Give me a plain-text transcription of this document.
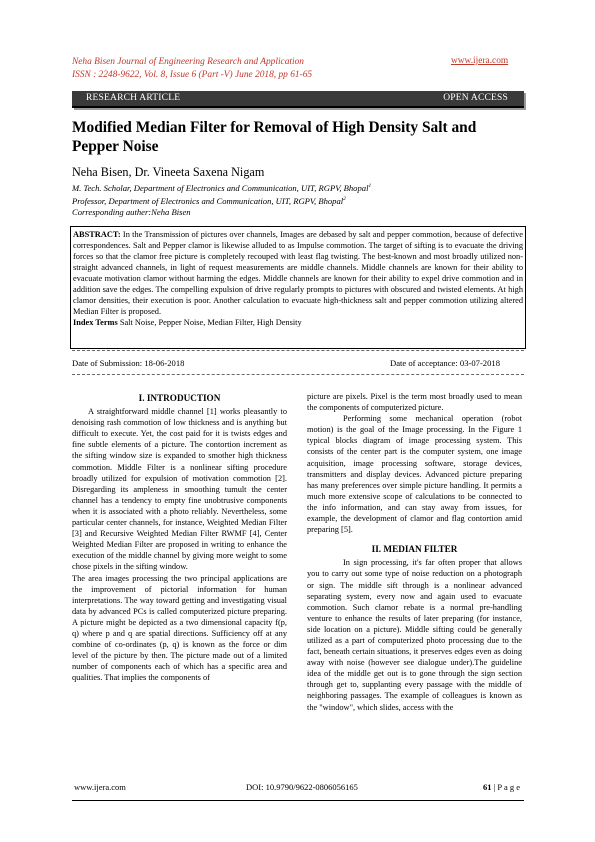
Neha Bisen Journal of Engineering Research and Application
ISSN : 2248-9622, Vol. 8, Issue 6 (Part -V) June 2018, pp 61-65
www.ijera.com
RESEARCH ARTICLE	OPEN ACCESS
Modified Median Filter for Removal of High Density Salt and Pepper Noise
Neha Bisen, Dr. Vineeta Saxena Nigam
M. Tech. Scholar, Department of Electronics and Communication, UIT, RGPV, Bhopal$^1$
Professor, Department of Electronics and Communication, UIT, RGPV, Bhopal$^2$
Corresponding auther:Neha Bisen
ABSTRACT: In the Transmission of pictures over channels, Images are debased by salt and pepper commotion, because of defective correspondences. Salt and Pepper clamor is likewise alluded to as Impulse commotion. The target of sifting is to evacuate the driving forces so that the clamor free picture is completely recouped with least flag twisting. The best-known and most broadly utilized non-straight advanced channels, in light of request measurements are middle channels. Middle channels are known for their ability to evacuate motivation clamor without harming the edges. Middle channels are known for their ability to expel drive commotion and in addition save the edges. The compelling expulsion of drive regularly prompts to pictures with obscured and twisted elements. At high clamor densities, their execution is poor. Another calculation to evacuate high-thickness salt and pepper commotion utilizing altered Median Filter is proposed.
Index Terms Salt Noise, Pepper Noise, Median Filter, High Density
Date of Submission: 18-06-2018	Date of acceptance: 03-07-2018
I. INTRODUCTION

A straightforward middle channel [1] works pleasantly to denoising rash commotion of low thickness and is anything but difficult to execute. Yet, the cost paid for it is twists edges and fine subtle elements of a picture. The contortion increment as the sifting window size is expanded to smother high thickness commotion. Middle Filter is a nonlinear sifting procedure broadly utilized for expulsion of motivation commotion [2]. Disregarding its ampleness in smoothing tumult the center channel has a tendency to empty fine unobtrusive components when it is associated with a photo reliably. Nevertheless, some particular center channels, for instance, Weighted Median Filter [3] and Recursive Weighted Median Filter RWMF [4], Center Weighted Median Filter are proposed in writing to enhance the execution of the middle channel by giving more weight to some chose pixels in the sifting window.

The area images processing the two principal applications are the improvement of pictorial information for human interpretations. The way toward getting and investigating visual data by advanced PCs is called computerized picture preparing. A picture might be depicted as a two dimensional capacity f(p, q) where p and q are spatial directions. Sufficiency off at any combine of co-ordinates (p, q) is known as the force or dim level of the picture by then. The picture made out of a limited number of components each of which has a specific area and qualities. That implies the components of

picture are pixels. Pixel is the term most broadly used to mean the components of computerized picture.

Performing some mechanical operation (robot motion) is the goal of the Image processing. In the Figure 1 typical blocks diagram of image processing system. This consists of the center part is the computer system, one image acquisition, image processing software, storage devices, transmitters and display devices. Advanced picture preparing has many preferences over simple picture handling. It permits a much more extensive scope of calculations to be connected to the info information, and can stay away from issues, for example, the development of clamor and flag contortion amid preparing [5].

II. MEDIAN FILTER

In sign processing, it's far often proper that allows you to carry out some type of noise reduction on a photograph or sign. The middle sift through is a nonlinear advanced separating system, every now and again used to evacuate commotion. Such clamor rebate is a normal pre-handling venture to enhance the results of later preparing (for instance, side location on a picture). Middle sifting could be generally utilized as a part of computerized photo processing due to the fact, beneath certain situations, it preserves edges even as doing away with noise (however see dialogue under).The guideline idea of the middle get out is to gone through the sign section through get to, supplanting every passage with the middle of neighboring passages. The example of colleagues is known as the "window", which slides, access with the

www.ijera.com	DOI: 10.9790/9622-0806056165	61 | P a g e
